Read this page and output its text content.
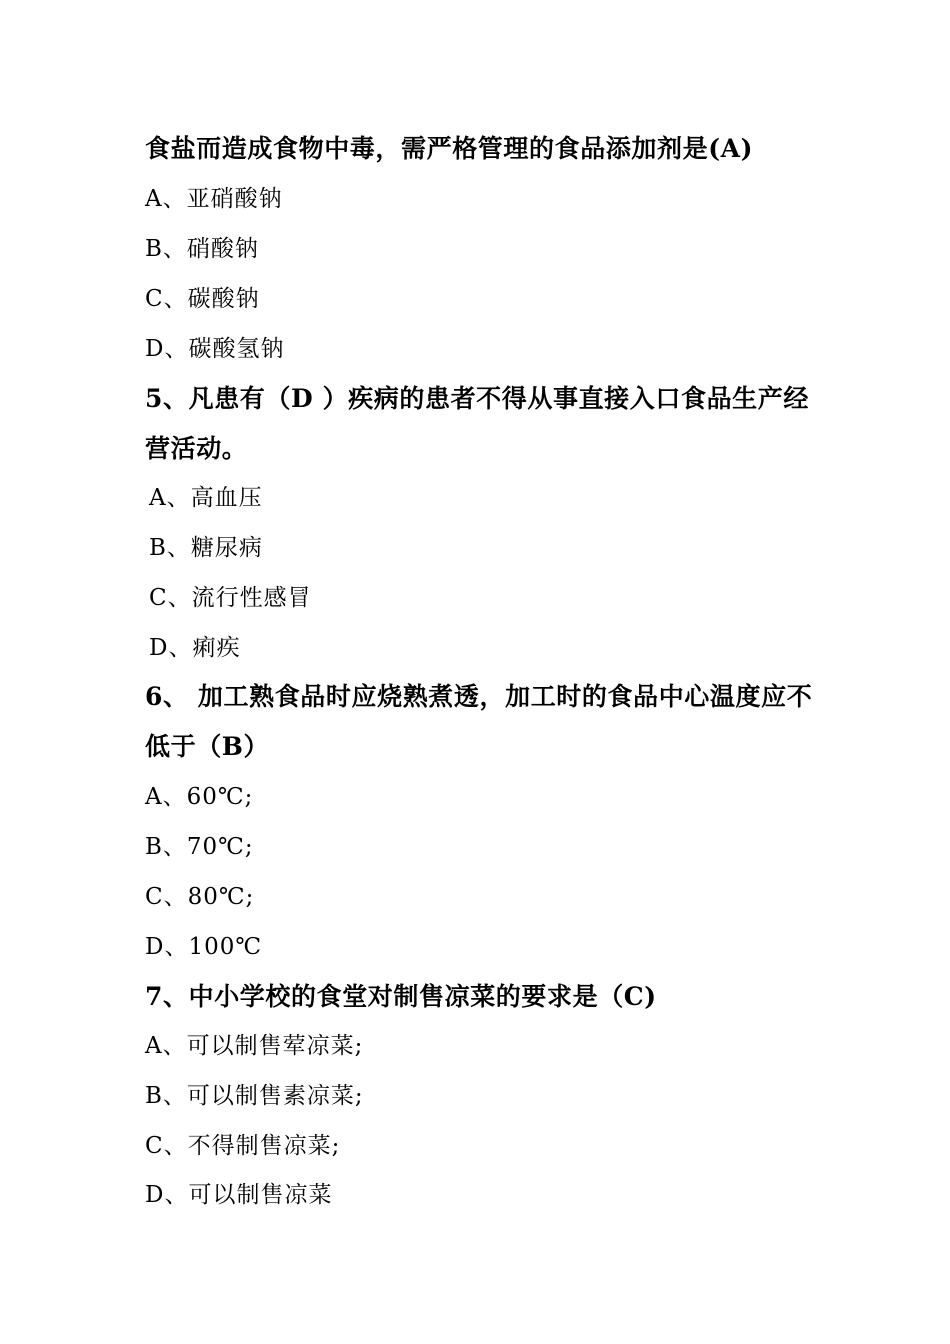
食盐而造成食物中毒，需严格管理的食品添加剂是(A)
A、亚硝酸钠
B、硝酸钠
C、碳酸钠
D、碳酸氢钠
5、凡患有（D ）疾病的患者不得从事直接入口食品生产经
营活动。
A、高血压
B、糖尿病
C、流行性感冒
D、痢疾
6、 加工熟食品时应烧熟煮透，加工时的食品中心温度应不
低于（B）
A、60℃;
B、70℃;
C、80℃;
D、100℃
7、中小学校的食堂对制售凉菜的要求是（C)
A、可以制售荤凉菜;
B、可以制售素凉菜;
C、不得制售凉菜;
D、可以制售凉菜
